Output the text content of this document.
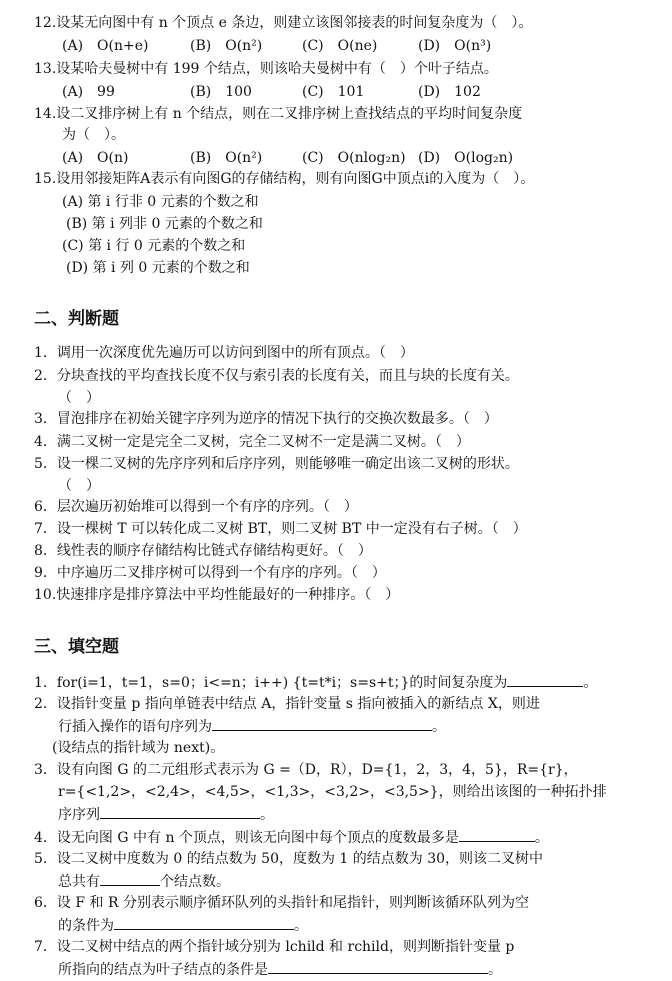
12.设某无向图中有 n 个顶点 e 条边，则建立该图邻接表的时间复杂度为（　）。
(A)　O(n+e)	(B)　O(n²)	(C)　O(ne)	(D)　O(n³)
13.设某哈夫曼树中有 199 个结点，则该哈夫曼树中有（　）个叶子结点。
(A)　99	(B)　100	(C)　101	(D)　102
14.设二叉排序树上有 n 个结点，则在二叉排序树上查找结点的平均时间复杂度
为（　）。
(A)　O(n)	(B)　O(n²)	(C)　O(nlog₂n) (D)　O(log₂n)
15.设用邻接矩阵A表示有向图G的存储结构，则有向图G中顶点i的入度为（　）。
(A) 第 i 行非 0 元素的个数之和
(B) 第 i 列非 0 元素的个数之和
(C) 第 i 行 0 元素的个数之和
(D) 第 i 列 0 元素的个数之和
二、判断题
1．调用一次深度优先遍历可以访问到图中的所有顶点。（　）
2．分块查找的平均查找长度不仅与索引表的长度有关，而且与块的长度有关。
（　）
3．冒泡排序在初始关键字序列为逆序的情况下执行的交换次数最多。（　）
4．满二叉树一定是完全二叉树，完全二叉树不一定是满二叉树。（　）
5．设一棵二叉树的先序序列和后序序列，则能够唯一确定出该二叉树的形状。
（　）
6．层次遍历初始堆可以得到一个有序的序列。（　）
7．设一棵树 T 可以转化成二叉树 BT，则二叉树 BT 中一定没有右子树。（　）
8．线性表的顺序存储结构比链式存储结构更好。（　）
9．中序遍历二叉排序树可以得到一个有序的序列。（　）
10.快速排序是排序算法中平均性能最好的一种排序。（　）
三、填空题
1．for(i=1，t=1，s=0；i<=n；i++) {t=t*i；s=s+t；}的时间复杂度为	。
2．设指针变量 p 指向单链表中结点 A，指针变量 s 指向被插入的新结点 X，则进
行插入操作的语句序列为	。
(设结点的指针域为 next)。
3．设有向图 G 的二元组形式表示为 G =（D，R），D={1，2，3，4，5}，R={r}，
r={<1,2>，<2,4>，<4,5>，<1,3>，<3,2>，<3,5>}，则给出该图的一种拓扑排
序序列	。
4．设无向图 G 中有 n 个顶点，则该无向图中每个顶点的度数最多是	。
5．设二叉树中度数为 0 的结点数为 50，度数为 1 的结点数为 30，则该二叉树中
总共有	个结点数。
6．设 F 和 R 分别表示顺序循环队列的头指针和尾指针，则判断该循环队列为空
的条件为	。
7．设二叉树中结点的两个指针域分别为 lchild 和 rchild，则判断指针变量 p
所指向的结点为叶子结点的条件是	。
